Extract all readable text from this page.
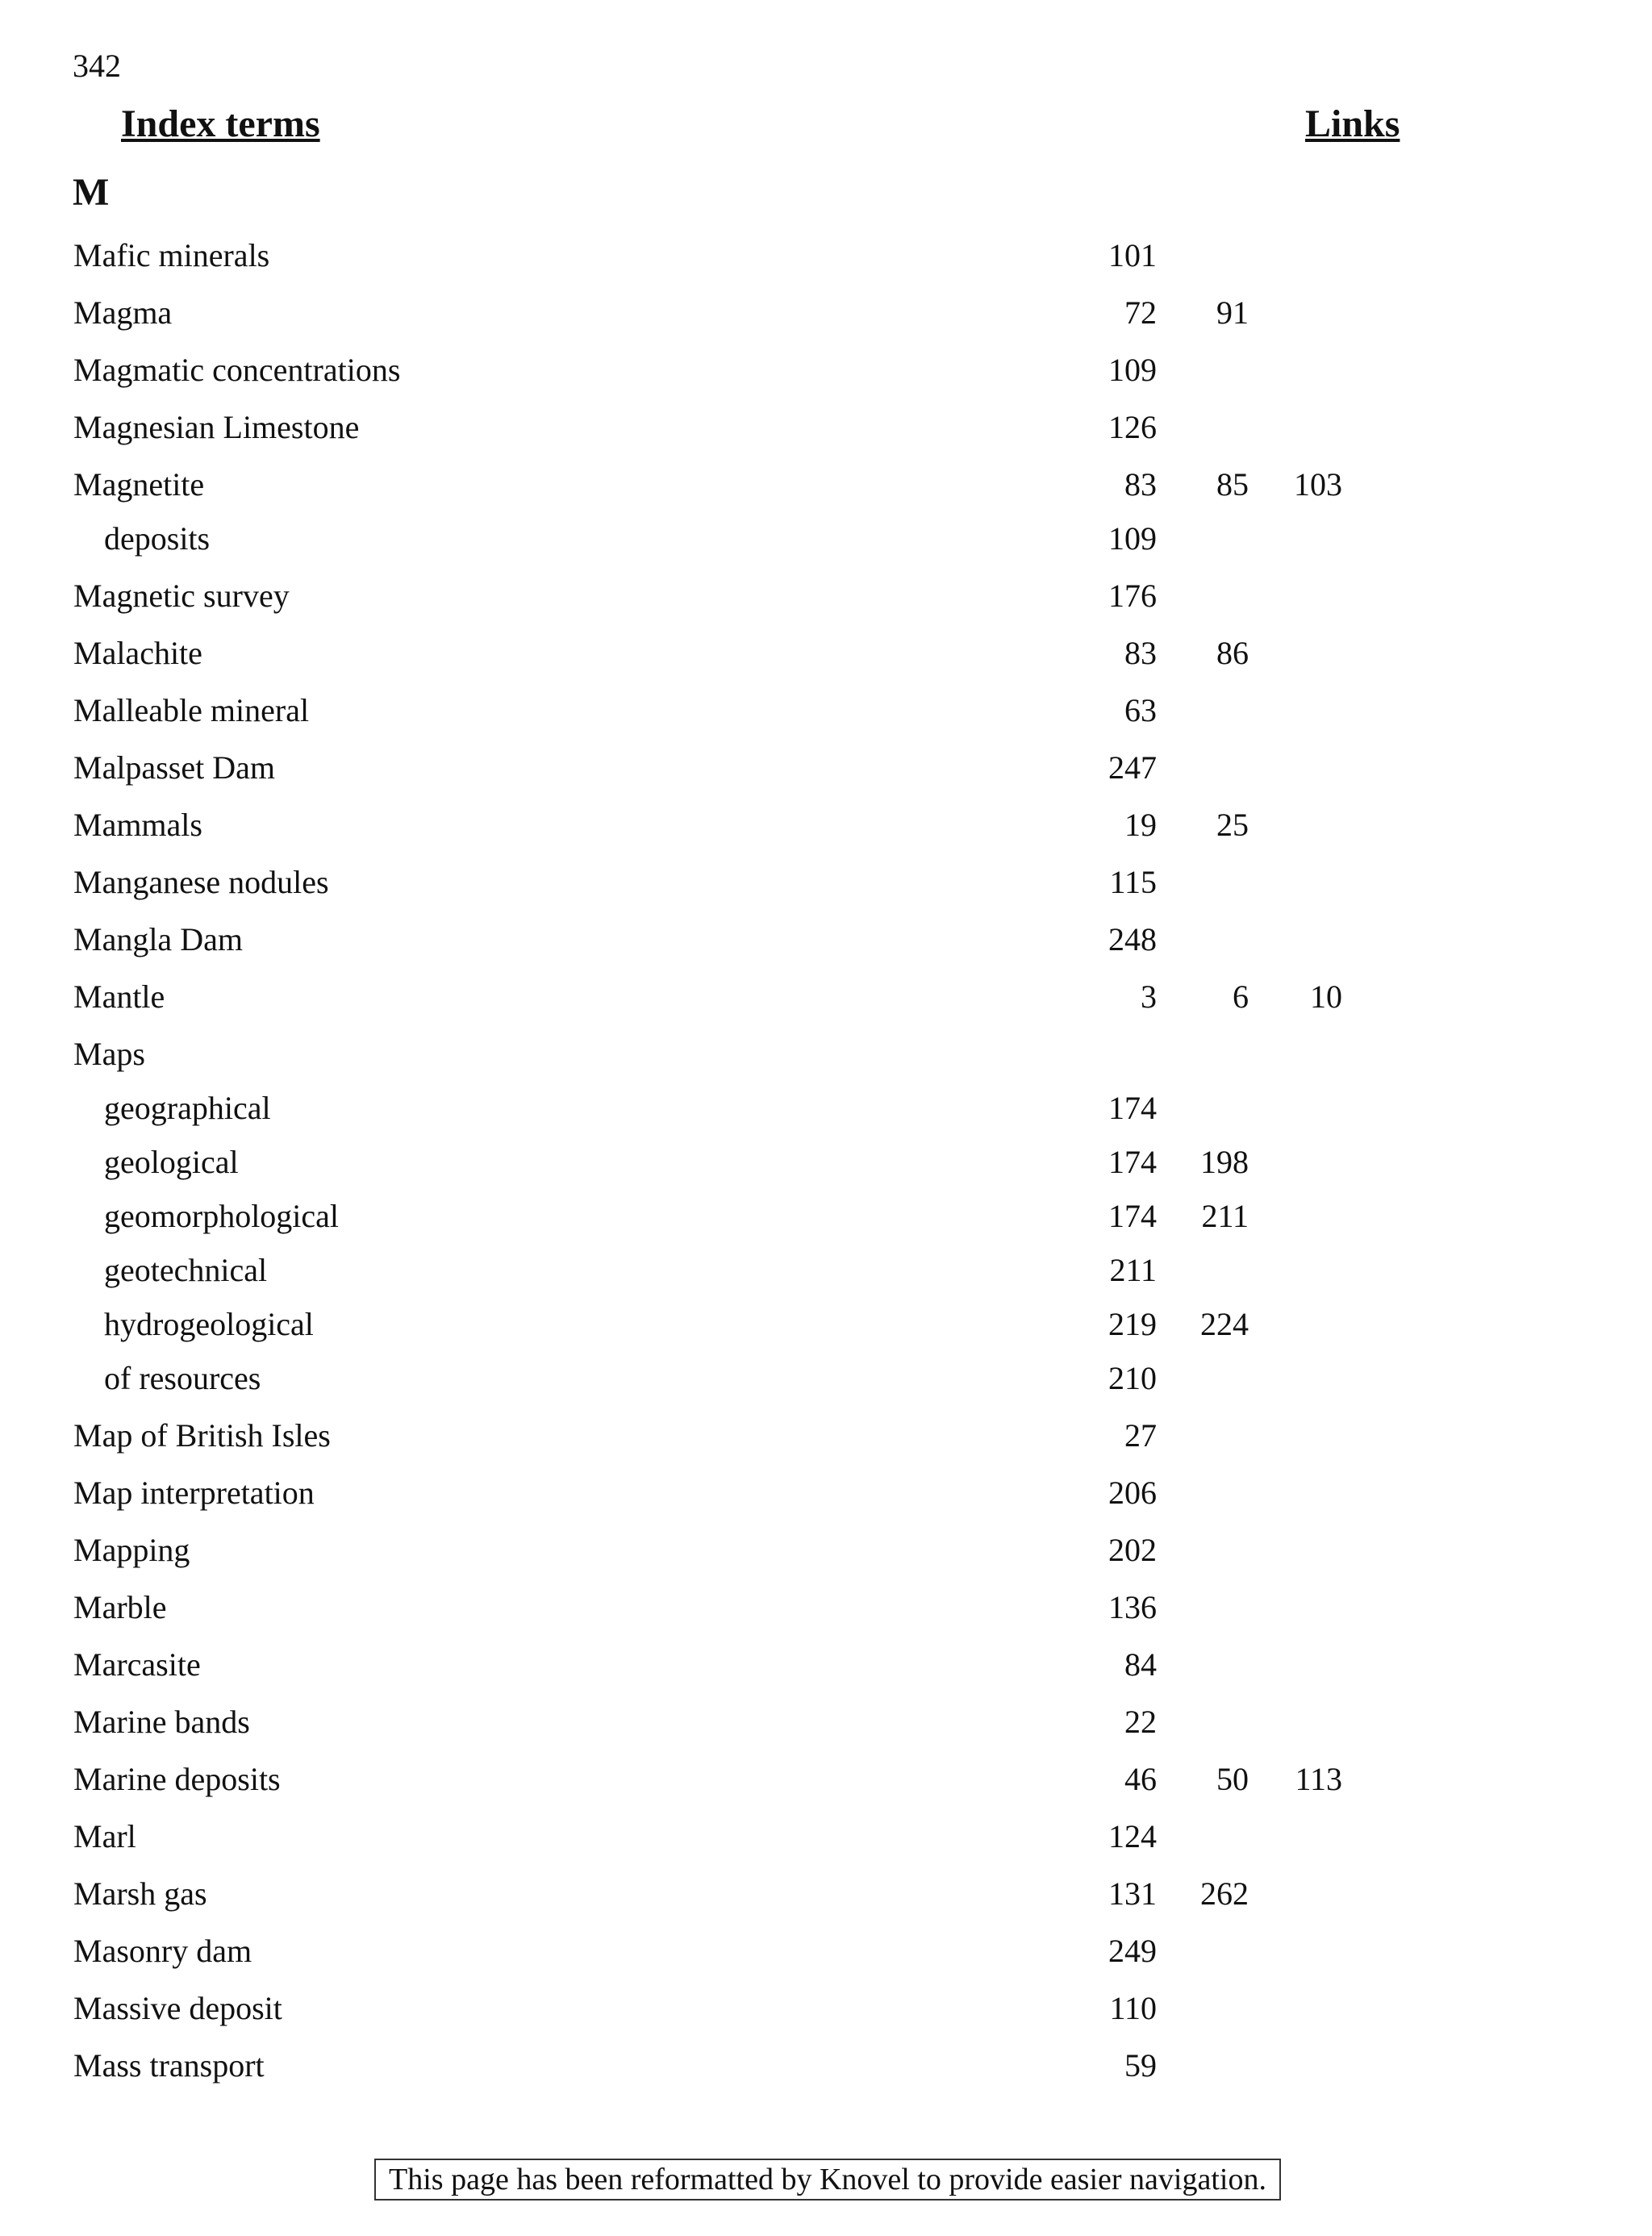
342
Index terms	Links
M
Mafic minerals	101
Magma	72	91
Magmatic concentrations	109
Magnesian Limestone	126
Magnetite	83	85	103
deposits	109
Magnetic survey	176
Malachite	83	86
Malleable mineral	63
Malpasset Dam	247
Mammals	19	25
Manganese nodules	115
Mangla Dam	248
Mantle	3	6	10
Maps
geographical	174
geological	174	198
geomorphological	174	211
geotechnical	211
hydrogeological	219	224
of resources	210
Map of British Isles	27
Map interpretation	206
Mapping	202
Marble	136
Marcasite	84
Marine bands	22
Marine deposits	46	50	113
Marl	124
Marsh gas	131	262
Masonry dam	249
Massive deposit	110
Mass transport	59
This page has been reformatted by Knovel to provide easier navigation.
